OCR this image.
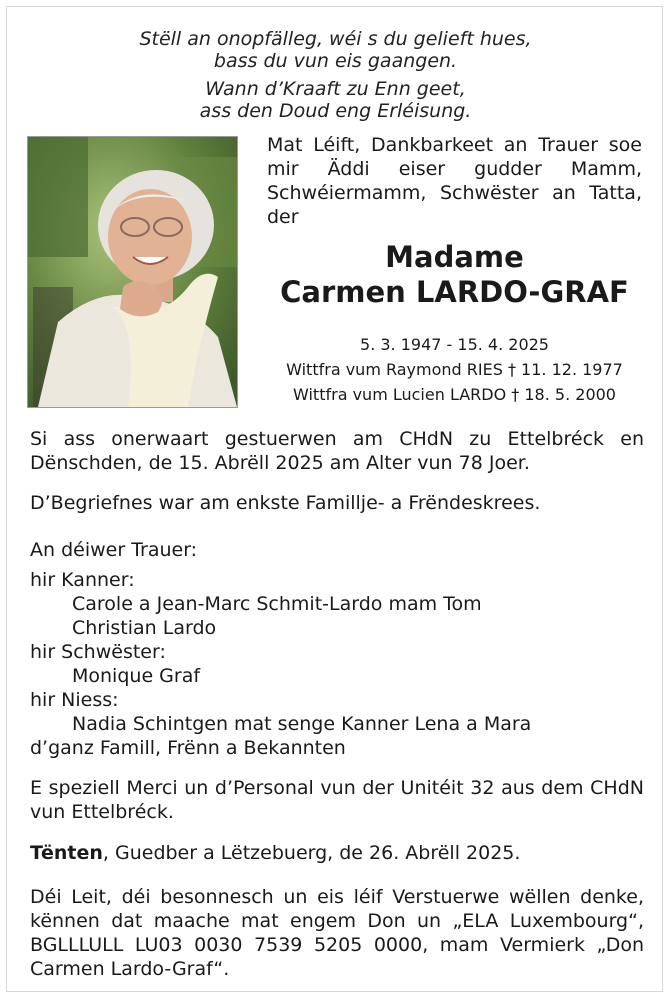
Stëll an onopfälleg, wéi s du gelieft hues,
bass du vun eis gaangen.
Wann d’Kraaft zu Enn geet,
ass den Doud eng Erléisung.
Mat Léift, Dankbarkeet an Trauer soe mir Äddi eiser gudder Mamm, Schwéiermamm, Schwëster an Tatta, der
Madame
Carmen LARDO-GRAF
5. 3. 1947 - 15. 4. 2025
Wittfra vum Raymond RIES † 11. 12. 1977
Wittfra vum Lucien LARDO † 18. 5. 2000
Si ass onerwaart gestuerwen am CHdN zu Ettelbréck en Dënschden, de 15. Abrëll 2025 am Alter vun 78 Joer.
D’Begriefnes war am enkste Famillje- a Frëndeskrees.
An déiwer Trauer:
hir Kanner:
Carole a Jean-Marc Schmit-Lardo mam Tom
Christian Lardo
hir Schwëster:
Monique Graf
hir Niess:
Nadia Schintgen mat senge Kanner Lena a Mara
d’ganz Famill, Frënn a Bekannten
E speziell Merci un d’Personal vun der Unitéit 32 aus dem CHdN vun Ettelbréck.
Tënten, Guedber a Lëtzebuerg, de 26. Abrëll 2025.
Déi Leit, déi besonnesch un eis léif Verstuerwe wëllen denke, kënnen dat maache mat engem Don un „ELA Luxembourg“, BGLLLULL LU03 0030 7539 5205 0000, mam Vermierk „Don Carmen Lardo-Graf“.
